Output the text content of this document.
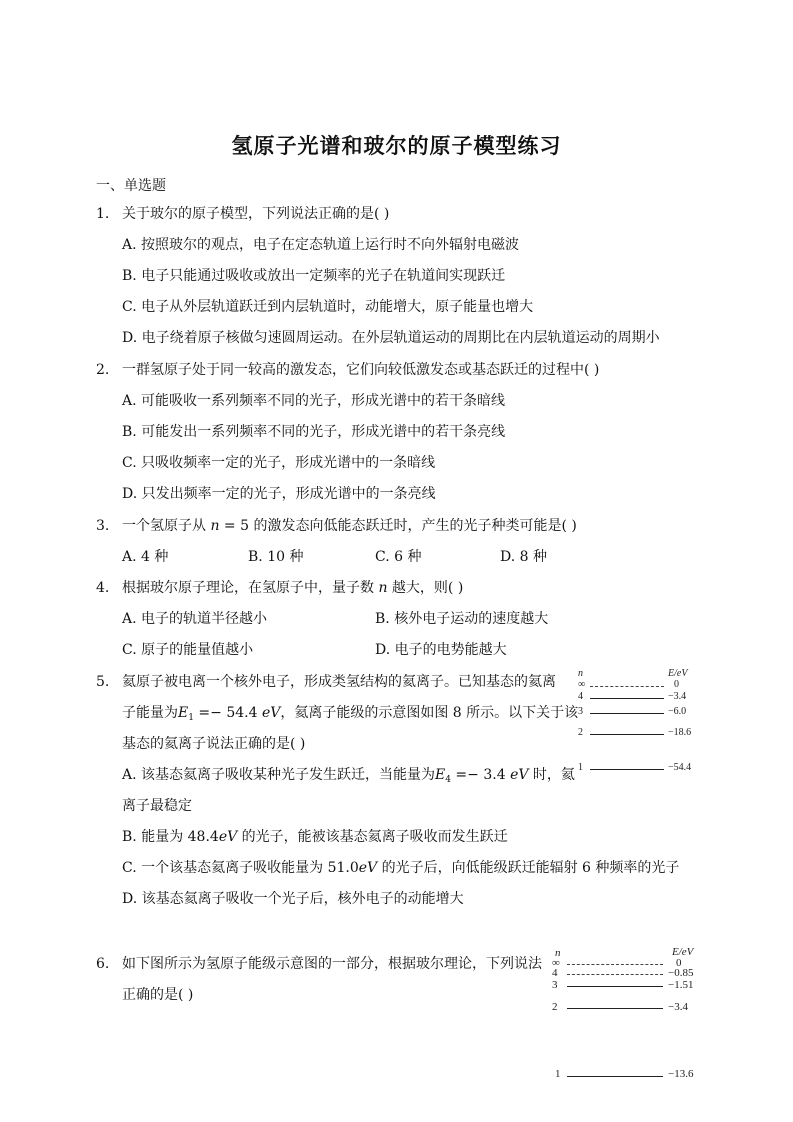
氢原子光谱和玻尔的原子模型练习
一、单选题
1. 关于玻尔的原子模型，下列说法正确的是( )
A. 按照玻尔的观点，电子在定态轨道上运行时不向外辐射电磁波
B. 电子只能通过吸收或放出一定频率的光子在轨道间实现跃迁
C. 电子从外层轨道跃迁到内层轨道时，动能增大，原子能量也增大
D. 电子绕着原子核做匀速圆周运动。在外层轨道运动的周期比在内层轨道运动的周期小
2. 一群氢原子处于同一较高的激发态，它们向较低激发态或基态跃迁的过程中( )
A. 可能吸收一系列频率不同的光子，形成光谱中的若干条暗线
B. 可能发出一系列频率不同的光子，形成光谱中的若干条亮线
C. 只吸收频率一定的光子，形成光谱中的一条暗线
D. 只发出频率一定的光子，形成光谱中的一条亮线
3. 一个氢原子从 n = 5 的激发态向低能态跃迁时，产生的光子种类可能是( )
A. 4 种	B. 10 种	C. 6 种	D. 8 种
4. 根据玻尔原子理论，在氢原子中，量子数 n 越大，则( )
A. 电子的轨道半径越小	B. 核外电子运动的速度越大
C. 原子的能量值越小	D. 电子的电势能越大
5. 氦原子被电离一个核外电子，形成类氢结构的氦离子。已知基态的氦离
子能量为$E_1 =- 54.4$ eV，氦离子能级的示意图如图 8 所示。以下关于该
基态的氦离子说法正确的是( )
A. 该基态氦离子吸收某种光子发生跃迁，当能量为$E_4 =- 3.4$ eV 时，氦
离子最稳定
B. 能量为 48.4eV 的光子，能被该基态氦离子吸收而发生跃迁
C. 一个该基态氦离子吸收能量为 51.0eV 的光子后，向低能级跃迁能辐射 6 种频率的光子
D. 该基态氦离子吸收一个光子后，核外电子的动能增大
n	E/eV
∞	0
4	−3.4
3	−6.0
2	−18.6
1	−54.4
6. 如下图所示为氢原子能级示意图的一部分，根据玻尔理论，下列说法
正确的是( )
n	E/eV
∞	0
4	−0.85
3	−1.51
2	−3.4
1	−13.6
